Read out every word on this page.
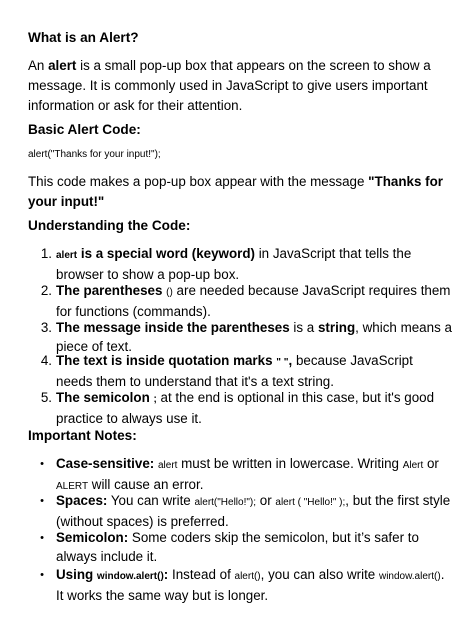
What is an Alert?

An alert is a small pop-up box that appears on the screen to show a message. It is commonly used in JavaScript to give users important information or ask for their attention.

Basic Alert Code:
alert("Thanks for your input!");

This code makes a pop-up box appear with the message "Thanks for your input!"

Understanding the Code:
1. alert is a special word (keyword) in JavaScript that tells the browser to show a pop-up box.
2. The parentheses () are needed because JavaScript requires them for functions (commands).
3. The message inside the parentheses is a string, which means a piece of text.
4. The text is inside quotation marks " ", because JavaScript needs them to understand that it's a text string.
5. The semicolon ; at the end is optional in this case, but it's good practice to always use it.
Important Notes:
• Case-sensitive: alert must be written in lowercase. Writing Alert or ALERT will cause an error.
• Spaces: You can write alert("Hello!"); or alert ( "Hello!" );, but the first style (without spaces) is preferred.
• Semicolon: Some coders skip the semicolon, but it’s safer to always include it.
• Using window.alert(): Instead of alert(), you can also write window.alert(). It works the same way but is longer.
